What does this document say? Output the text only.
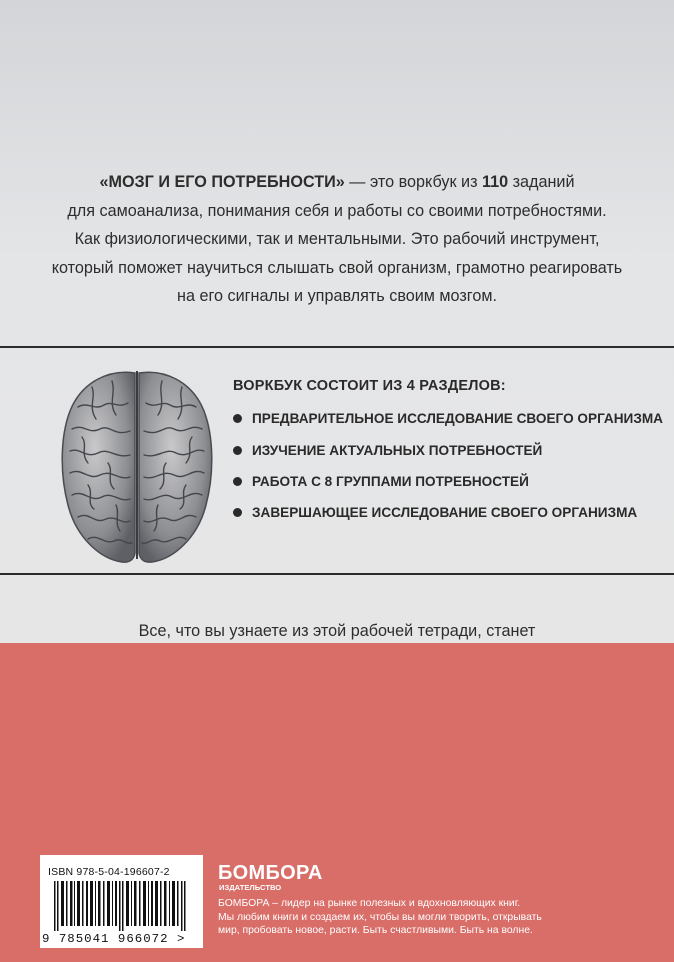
«МОЗГ И ЕГО ПОТРЕБНОСТИ» — это воркбук из 110 заданий
для самоанализа, понимания себя и работы со своими потребностями.
Как физиологическими, так и ментальными. Это рабочий инструмент,
который поможет научиться слышать свой организм, грамотно реагировать
на его сигналы и управлять своим мозгом.
ВОРКБУК СОСТОИТ ИЗ 4 РАЗДЕЛОВ:
ПРЕДВАРИТЕЛЬНОЕ ИССЛЕДОВАНИЕ СВОЕГО ОРГАНИЗМА
ИЗУЧЕНИЕ АКТУАЛЬНЫХ ПОТРЕБНОСТЕЙ
РАБОТА С 8 ГРУППАМИ ПОТРЕБНОСТЕЙ
ЗАВЕРШАЮЩЕЕ ИССЛЕДОВАНИЕ СВОЕГО ОРГАНИЗМА
Все, что вы узнаете из этой рабочей тетради, станет
ISBN 978-5-04-196607-2
9 785041 966072 >
БОМБОРА
ИЗДАТЕЛЬСТВО
БОМБОРА – лидер на рынке полезных и вдохновляющих книг.
Мы любим книги и создаем их, чтобы вы могли творить, открывать
мир, пробовать новое, расти. Быть счастливыми. Быть на волне.
